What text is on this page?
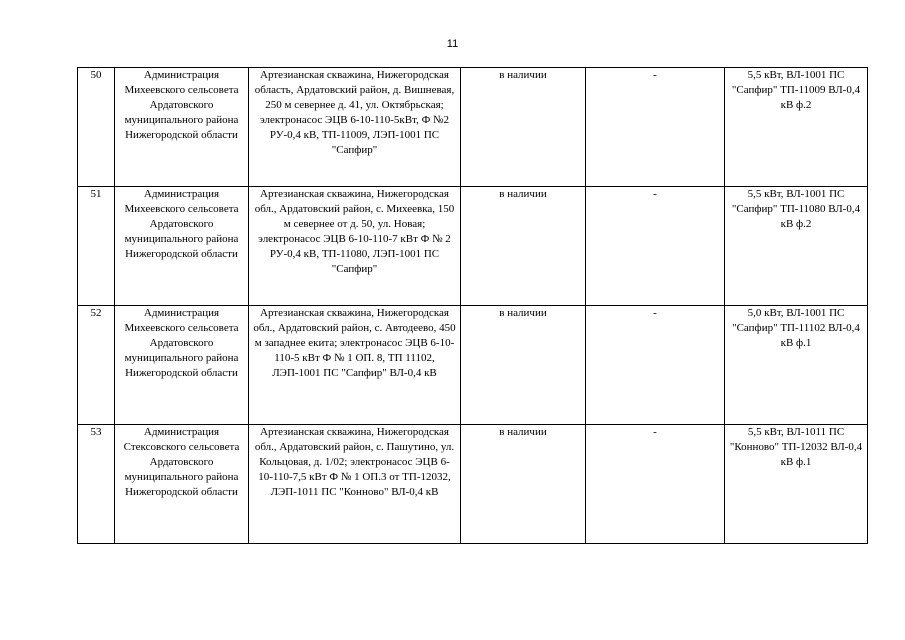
11
50	Администрация Михеевского сельсовета Ардатовского муниципального района Нижегородской области	Артезианская скважина, Нижегородская область, Ардатовский район, д. Вишневая, 250 м севернее д. 41, ул. Октябрьская; электронасос ЭЦВ 6-10-110-5кВт, Ф №2 РУ-0,4 кВ, ТП-11009, ЛЭП-1001 ПС "Сапфир"	в наличии	-	5,5 кВт, ВЛ-1001 ПС "Сапфир" ТП-11009 ВЛ-0,4 кВ ф.2
51	Администрация Михеевского сельсовета Ардатовского муниципального района Нижегородской области	Артезианская скважина, Нижегородская обл., Ардатовский район, с. Михеевка, 150 м севернее от д. 50, ул. Новая; электронасос ЭЦВ 6-10-110-7 кВт Ф № 2 РУ-0,4 кВ, ТП-11080, ЛЭП-1001 ПС "Сапфир"	в наличии	-	5,5 кВт, ВЛ-1001 ПС "Сапфир" ТП-11080 ВЛ-0,4 кВ ф.2
52	Администрация Михеевского сельсовета Ардатовского муниципального района Нижегородской области	Артезианская скважина, Нижегородская обл., Ардатовский район, с. Автодеево, 450 м западнее екита; электронасос ЭЦВ 6-10-110-5 кВт Ф № 1 ОП. 8, ТП 11102, ЛЭП-1001 ПС "Сапфир" ВЛ-0,4 кВ	в наличии	-	5,0 кВт, ВЛ-1001 ПС "Сапфир" ТП-11102 ВЛ-0,4 кВ ф.1
53	Администрация Стексовского сельсовета Ардатовского муниципального района Нижегородской области	Артезианская скважина, Нижегородская обл., Ардатовский район, с. Пашутино, ул. Кольцовая, д. 1/02; электронасос ЭЦВ 6-10-110-7,5 кВт Ф № 1 ОП.3 от ТП-12032, ЛЭП-1011 ПС "Конново" ВЛ-0,4 кВ	в наличии	-	5,5 кВт, ВЛ-1011 ПС "Конново" ТП-12032 ВЛ-0,4 кВ ф.1
